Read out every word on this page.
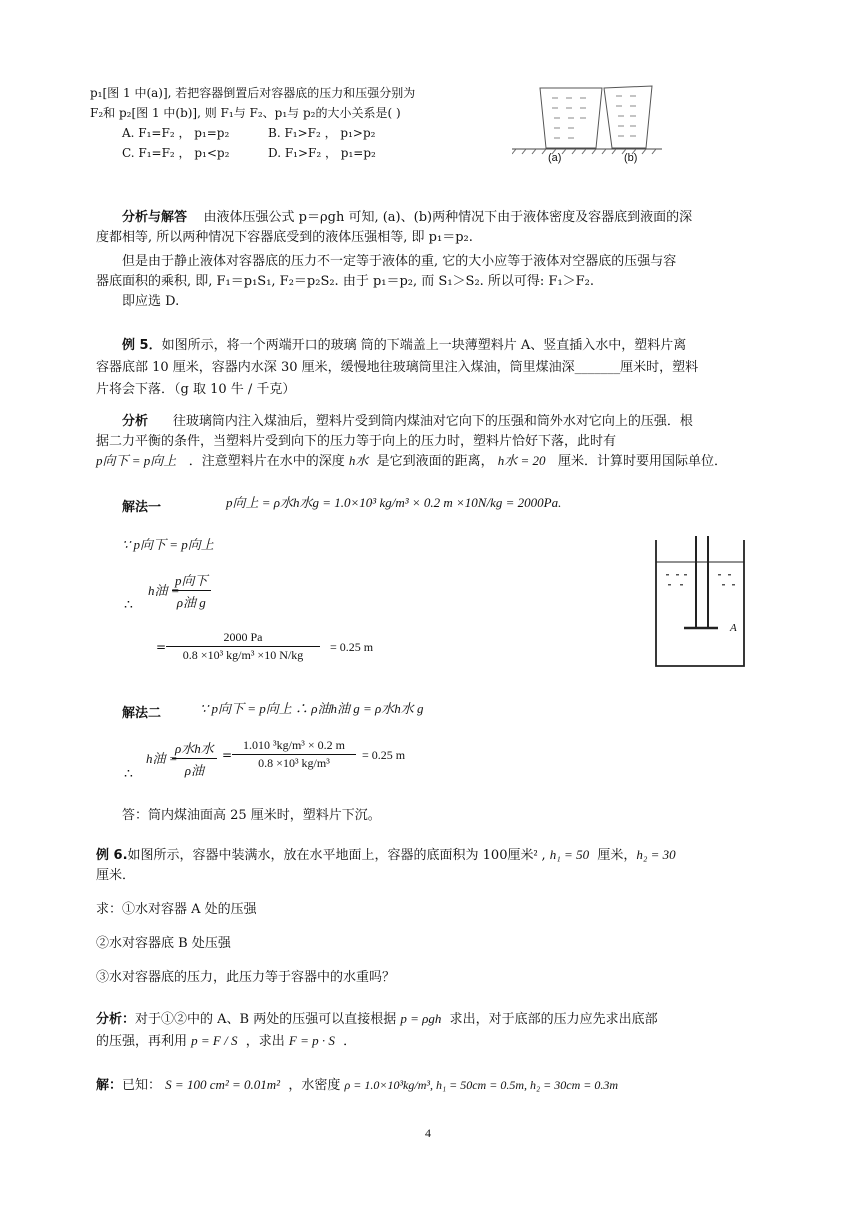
p₁[图 1 中(a)], 若把容器倒置后对容器底的压力和压强分别为
F₂和 p₂[图 1 中(b)], 则 F₁与 F₂、p₁与 p₂的大小关系是( )
A. F₁=F₂ ， p₁=p₂	B. F₁>F₂ ， p₁>p₂
C. F₁=F₂ ， p₁<p₂	D. F₁>F₂ ， p₁=p₂	(a)	(b)
分析与解答 由液体压强公式 p＝ρgh 可知, (a)、(b)两种情况下由于液体密度及容器底到液面的深
度都相等, 所以两种情况下容器底受到的液体压强相等, 即 p₁＝p₂.
但是由于静止液体对容器底的压力不一定等于液体的重, 它的大小应等于液体对空器底的压强与容
器底面积的乘积, 即, F₁＝p₁S₁, F₂＝p₂S₂. 由于 p₁＝p₂, 而 S₁＞S₂. 所以可得: F₁＞F₂.
即应选 D.
例 5．如图所示，将一个两端开口的玻璃 筒的下端盖上一块薄塑料片 A、竖直插入水中，塑料片离
容器底部 10 厘米，容器内水深 30 厘米，缓慢地往玻璃筒里注入煤油，筒里煤油深_______厘米时，塑料
片将会下落．（g 取 10 牛 / 千克）
分析 往玻璃筒内注入煤油后，塑料片受到筒内煤油对它向下的压强和筒外水对它向上的压强．根
据二力平衡的条件，当塑料片受到向下的压力等于向上的压力时，塑料片恰好下落，此时有
p向下 = p向上 ．注意塑料片在水中的深度 h水 是它到液面的距离， h水 = 20 厘米．计算时要用国际单位．
解法一	p向上 = ρ水h水g = 1.0×10³ kg/m³ × 0.2 m ×10N/kg = 2000Pa.
∵ p向下 = p向上
h油 =
$\frac{\text{p向下}}{\text{ρ油 g}}$
∴
= $\frac{2000 Pa}{\text{0.8 ×10³ kg/m³ ×10 N/kg}} = 0.25$ m
A
解法二	∵ p向下 = p向上 ∴ ρ油h油 g = ρ水h水 g
h油 =
$\frac{\text{ρ水h水}}{\text{ρ油}} = \frac{\text{1.010 ³kg/m³ × 0.2 m}}{\text{0.8 ×10³ kg/m³}} = 0.25$ m
∴
答：筒内煤油面高 25 厘米时，塑料片下沉。
例 6.如图所示，容器中装满水，放在水平地面上，容器的底面积为 100厘米² , h₁ = 50 厘米，h₂ = 30
厘米．
求：①水对容器 A 处的压强
②水对容器底 B 处压强
③水对容器底的压力，此压力等于容器中的水重吗？
分析：对于①②中的 A、B 两处的压强可以直接根据 p = ρgh 求出，对于底部的压力应先求出底部
的压强，再利用 p = F / S ，求出 F = p · S ．
解：已知： S = 100 cm² = 0.01m² ，水密度 ρ = 1.0×10³kg/m³, h₁ = 50cm = 0.5m, h₂ = 30cm = 0.3m
4
